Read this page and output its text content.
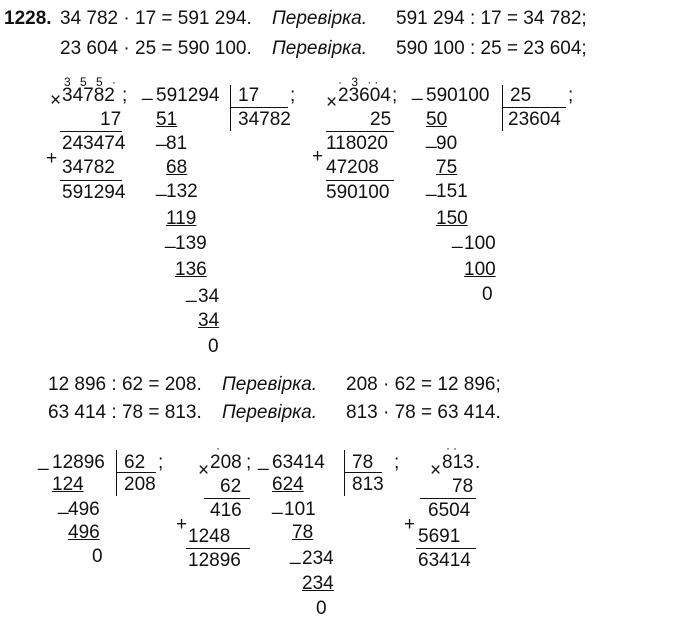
1228. 34 782 · 17 = 591 294. Перевірка. 591 294 : 17 = 34 782;
23 604 · 25 = 590 100. Перевірка. 590 100 : 25 = 23 604;
3 5 5 ·
× 34782 ;
17
243474
+ 34782
591294
_ 591294 17 ;
34782
51
_ 81
68
_ 132
119
_ 139
136
_ 34
34
0
· 3 ··
× 23604 ;
25
118020
+
47208
590100
_ 590100 25 ;
23604
50
_ 90
75
_ 151
150
_ 100
100
0
12 896 : 62 = 208. Перевірка. 208 · 62 = 12 896;
63 414 : 78 = 813. Перевірка. 813 · 78 = 63 414.
_ 12896 62 ;
208
124
_ 496
496
0
·
× 208 ;
62
416
+
1248
12896
_ 63414 78 ;
813
624
_ 101
78
_ 234
234
0
··
× 813 .
78
6504
+
5691
63414
